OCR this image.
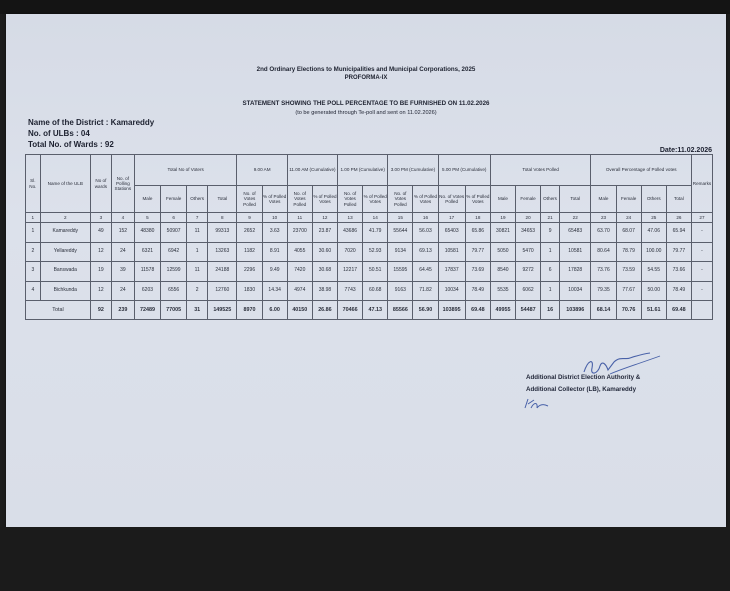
2nd Ordinary Elections to Municipalities and Municipal Corporations, 2025
PROFORMA-IX
STATEMENT SHOWING THE POLL PERCENTAGE TO BE FURNISHED ON 11.02.2026
(to be generated through Te-poll and sent on 11.02.2026)
Name of the District : Kamareddy
No. of ULBs : 04
Total No. of Wards : 92
Date:11.02.2026
Sl. No.	Name of the ULB	No of wards	No. of Polling Stations	Total No of Voters				9.00 AM		11.00 AM (Cumulative)		1.00 PM (Cumulative)		3.00 PM (Cumulative)		5.00 PM (Cumulative)		Total Votes Polled				Overall Percentage of Polled votes				Remarks
				Male	Female	Others	Total	No. of Votes Polled	% of Polled Votes	No. of Votes Polled	% of Polled Votes	No. of Votes Polled	% of Polled Votes	No. of Votes Polled	% of Polled Votes	No. of Votes Polled	% of Polled Votes	Male	Female	Others	Total	Male	Female	Others	Total	
1	2	3	4	5	6	7	8	9	10	11	12	13	14	15	16	17	18	19	20	21	22	23	24	25	26	27
1	Kamareddy	49	152	48380	50907	11	99313	2652	3.63	23700	23.87	43686	41.79	55644	56.03	65403	65.86	30821	34653	9	65483	63.70	68.07	47.06	65.94	-
2	Yellareddy	12	24	6321	6942	1	13263	1182	8.91	4055	30.60	7020	52.93	9134	69.13	10581	79.77	5050	5470	1	10581	80.64	78.79	100.00	79.77	-
3	Banswada	19	39	11578	12599	11	24188	2296	9.49	7420	30.68	12217	50.51	15595	64.45	17837	73.69	8540	9272	6	17828	73.76	73.59	54.55	73.66	-
4	Bichkunda	12	24	6203	6556	2	12760	1830	14.34	4974	38.98	7743	60.68	9163	71.82	10034	78.49	5535	6062	1	10034	79.35	77.67	50.00	78.49	-
Total		92	239	72489	77005	31	149525	8970	6.00	40150	26.86	70466	47.13	85566	56.90	103895	69.48	49955	54487	16	103896	68.14	70.76	51.61	69.48	
Additional District Election Authority &
Additional Collector (LB), Kamareddy
